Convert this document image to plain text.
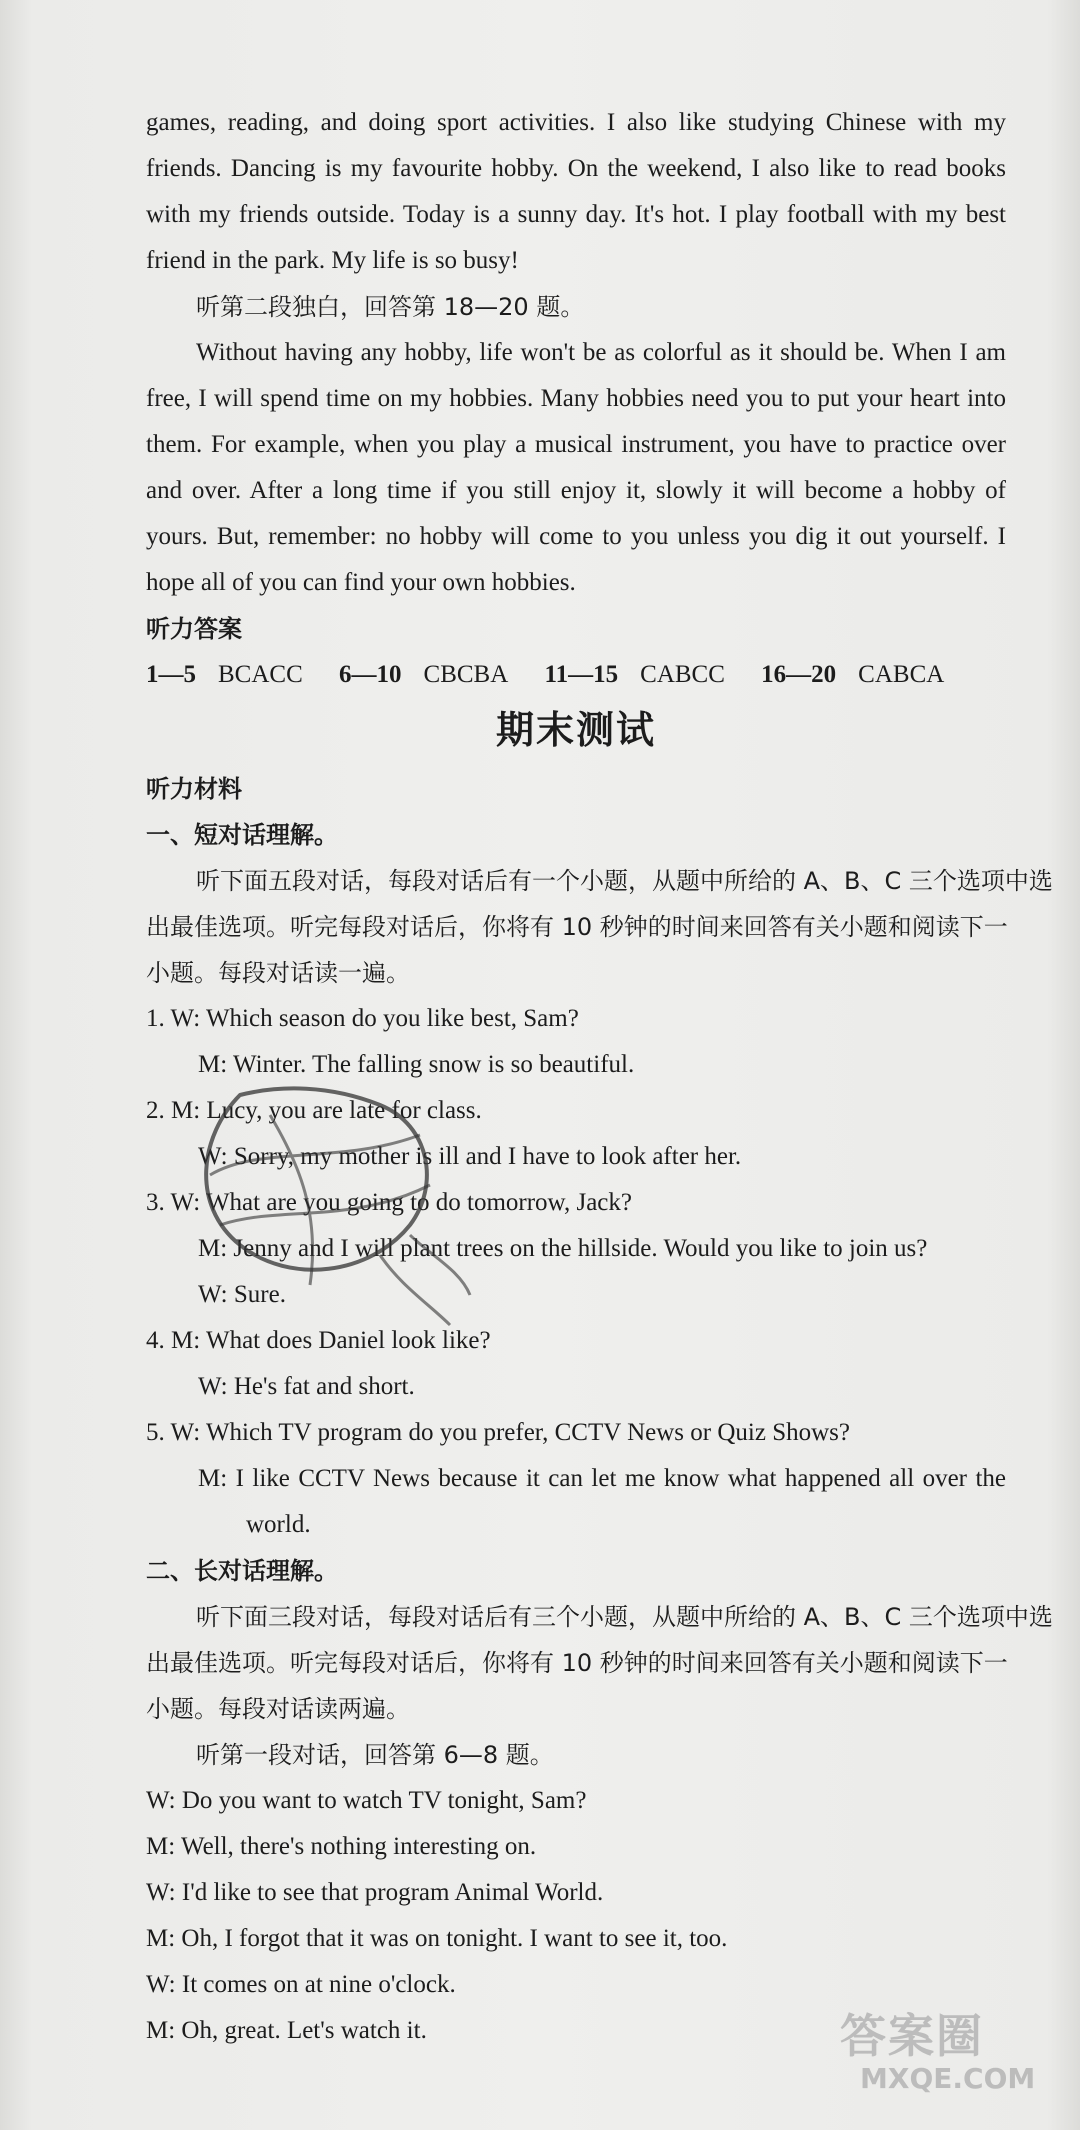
games, reading, and doing sport activities. I also like studying Chinese with my
friends. Dancing is my favourite hobby. On the weekend, I also like to read books
with my friends outside. Today is a sunny day. It's hot. I play football with my best
friend in the park. My life is so busy!
听第二段独白，回答第 18—20 题。
Without having any hobby, life won't be as colorful as it should be. When I am
free, I will spend time on my hobbies. Many hobbies need you to put your heart into
them. For example, when you play a musical instrument, you have to practice over
and over. After a long time if you still enjoy it, slowly it will become a hobby of
yours. But, remember: no hobby will come to you unless you dig it out yourself. I
hope all of you can find your own hobbies.
听力答案
1—5 BCACC 6—10 CBCBA 11—15 CABCC 16—20 CABCA
期末测试
听力材料
一、短对话理解。
听下面五段对话，每段对话后有一个小题，从题中所给的 A、B、C 三个选项中选
出最佳选项。听完每段对话后，你将有 10 秒钟的时间来回答有关小题和阅读下一
小题。每段对话读一遍。
1. W: Which season do you like best, Sam?
M: Winter. The falling snow is so beautiful.
2. M: Lucy, you are late for class.
W: Sorry, my mother is ill and I have to look after her.
3. W: What are you going to do tomorrow, Jack?
M: Jenny and I will plant trees on the hillside. Would you like to join us?
W: Sure.
4. M: What does Daniel look like?
W: He's fat and short.
5. W: Which TV program do you prefer, CCTV News or Quiz Shows?
M: I like CCTV News because it can let me know what happened all over the
world.
二、长对话理解。
听下面三段对话，每段对话后有三个小题，从题中所给的 A、B、C 三个选项中选
出最佳选项。听完每段对话后，你将有 10 秒钟的时间来回答有关小题和阅读下一
小题。每段对话读两遍。
听第一段对话，回答第 6—8 题。
W: Do you want to watch TV tonight, Sam?
M: Well, there's nothing interesting on.
W: I'd like to see that program Animal World.
M: Oh, I forgot that it was on tonight. I want to see it, too.
W: It comes on at nine o'clock.
M: Oh, great. Let's watch it.	答案圈
MXQE.COM
